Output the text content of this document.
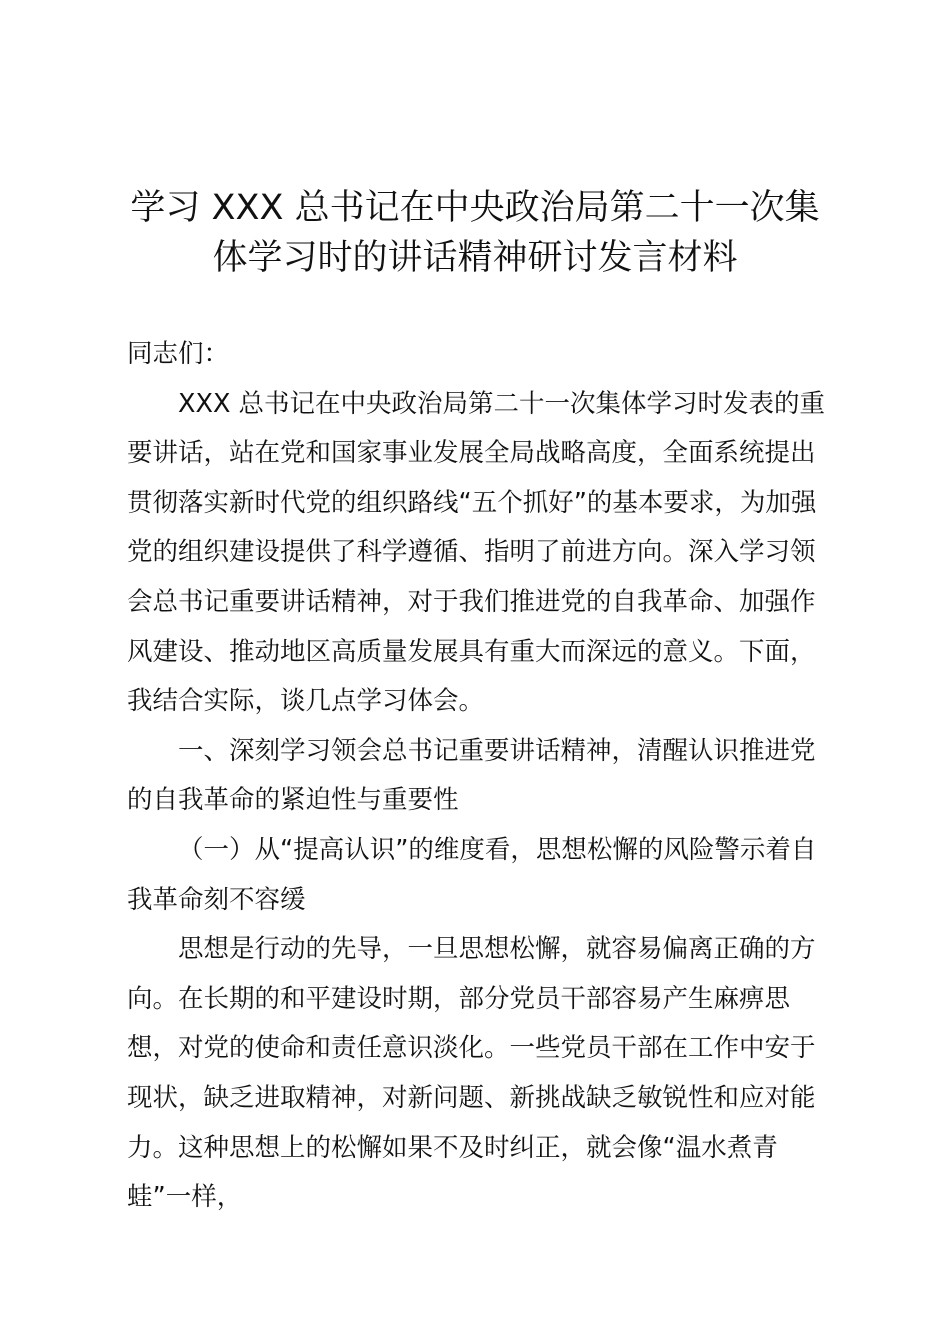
学习 XXX 总书记在中央政治局第二十一次集
体学习时的讲话精神研讨发言材料

同志们：

XXX 总书记在中央政治局第二十一次集体学习时发表的重要讲话，站在党和国家事业发展全局战略高度，全面系统提出贯彻落实新时代党的组织路线“五个抓好”的基本要求，为加强党的组织建设提供了科学遵循、指明了前进方向。深入学习领会总书记重要讲话精神，对于我们推进党的自我革命、加强作风建设、推动地区高质量发展具有重大而深远的意义。下面，我结合实际，谈几点学习体会。

一、深刻学习领会总书记重要讲话精神，清醒认识推进党的自我革命的紧迫性与重要性

（一）从“提高认识”的维度看，思想松懈的风险警示着自我革命刻不容缓

思想是行动的先导，一旦思想松懈，就容易偏离正确的方向。在长期的和平建设时期，部分党员干部容易产生麻痹思想，对党的使命和责任意识淡化。一些党员干部在工作中安于现状，缺乏进取精神，对新问题、新挑战缺乏敏锐性和应对能力。这种思想上的松懈如果不及时纠正，就会像“温水煮青蛙”一样，
